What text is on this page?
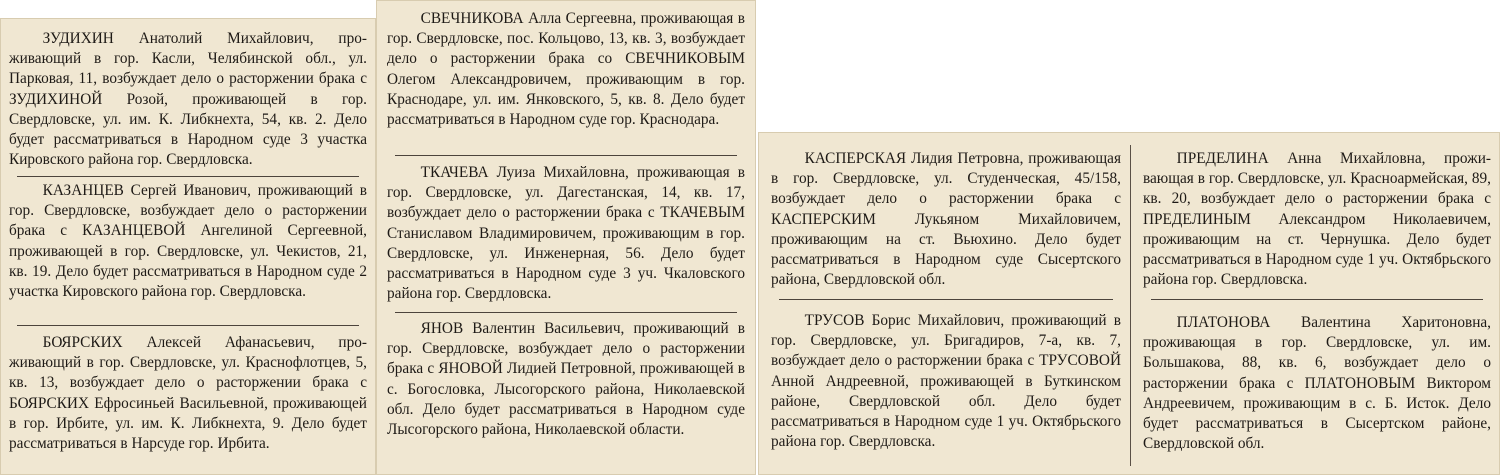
ЗУДИХИН Анатолий Михайлович, проживающий в гор. Касли, Челябинской обл., ул. Парковая, 11, возбуждает дело о расторжении брака с ЗУДИХИНОЙ Розой, проживающей в гор. Свердловске, ул. им. К. Либкнехта, 54, кв. 2. Дело будет рассматриваться в Народном суде 3 участка Кировского района гор. Свердловска.

КАЗАНЦЕВ Сергей Иванович, проживающий в гор. Свердловске, возбуждает дело о расторжении брака с КАЗАНЦЕВОЙ Ангелиной Сергеевной, проживающей в гор. Свердловске, ул. Чекистов, 21, кв. 19. Дело будет рассматриваться в Народном суде 2 участка Кировского района гор. Свердловска.

БОЯРСКИХ Алексей Афанасьевич, проживающий в гор. Свердловске, ул. Краснофлотцев, 5, кв. 13, возбуждает дело о расторжении брака с БОЯРСКИХ Ефросиньей Васильевной, проживающей в гор. Ирбите, ул. им. К. Либкнехта, 9. Дело будет рассматриваться в Нарсуде гор. Ирбита.

СВЕЧНИКОВА Алла Сергеевна, проживающая в гор. Свердловске, пос. Кольцово, 13, кв. 3, возбуждает дело о расторжении брака со СВЕЧНИКОВЫМ Олегом Александровичем, проживающим в гор. Краснодаре, ул. им. Янковского, 5, кв. 8. Дело будет рассматриваться в Народном суде гор. Краснодара.

ТКАЧЕВА Луиза Михайловна, проживающая в гор. Свердловске, ул. Дагестанская, 14, кв. 17, возбуждает дело о расторжении брака с ТКАЧЕВЫМ Станиславом Владимировичем, проживающим в гор. Свердловске, ул. Инженерная, 56. Дело будет рассматриваться в Народном суде 3 уч. Чкаловского района гор. Свердловска.

ЯНОВ Валентин Васильевич, проживающий в гор. Свердловске, возбуждает дело о расторжении брака с ЯНОВОЙ Лидией Петровной, проживающей в с. Богословка, Лысогорского района, Николаевской обл. Дело будет рассматриваться в Народном суде Лысогорского района, Николаевской области.

КАСПЕРСКАЯ Лидия Петровна, проживающая в гор. Свердловске, ул. Студенческая, 45/158, возбуждает дело о расторжении брака с КАСПЕРСКИМ Лукьяном Михайловичем, проживающим на ст. Вьюхино. Дело будет рассматриваться в Народном суде Сысертского района, Свердловской обл.

ТРУСОВ Борис Михайлович, проживающий в гор. Свердловске, ул. Бригадиров, 7-а, кв. 7, возбуждает дело о расторжении брака с ТРУСОВОЙ Анной Андреевной, проживающей в Буткинском районе, Свердловской обл. Дело будет рассматриваться в Народном суде 1 уч. Октябрьского района гор. Свердловска.

ПРЕДЕЛИНА Анна Михайловна, проживающая в гор. Свердловске, ул. Красноармейская, 89, кв. 20, возбуждает дело о расторжении брака с ПРЕДЕЛИНЫМ Александром Николаевичем, проживающим на ст. Чернушка. Дело будет рассматриваться в Народном суде 1 уч. Октябрьского района гор. Свердловска.

ПЛАТОНОВА Валентина Харитоновна, проживающая в гор. Свердловске, ул. им. Большакова, 88, кв. 6, возбуждает дело о расторжении брака с ПЛАТОНОВЫМ Виктором Андреевичем, проживающим в с. Б. Исток. Дело будет рассматриваться в Сысертском районе, Свердловской обл.
